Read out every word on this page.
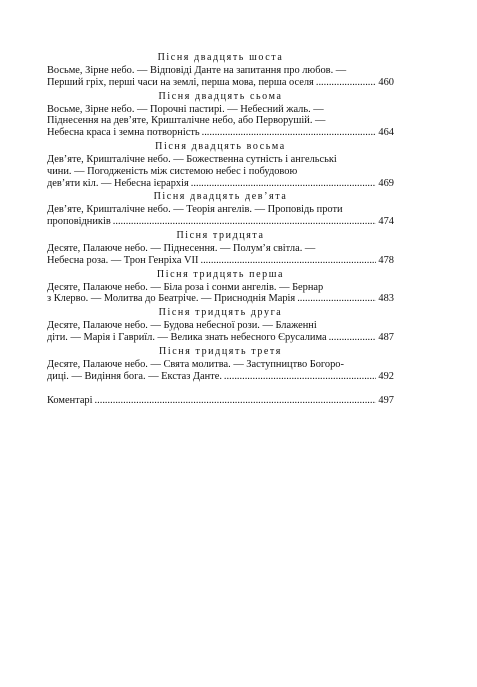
Пісня двадцять шоста
Восьме, Зірне небо. — Відповіді Данте на запитання про любов. —
Перший гріх, перші часи на землі, перша мова, перша оселя .....	460
Пісня двадцять сьома
Восьме, Зірне небо. — Порочні пастирі. — Небесний жаль. —
Піднесення на дев’яте, Кришталічне небо, або Перворушій. —
Небесна краса і земна потворність .....	464
Пісня двадцять восьма
Дев’яте, Кришталічне небо. — Божественна сутність і ангельські
чини. — Погодженість між системою небес і побудовою
дев’яти кіл. — Небесна ієрархія .....	469
Пісня двадцять дев’ята
Дев’яте, Кришталічне небо. — Теорія ангелів. — Проповідь проти
проповідників .....	474
Пісня тридцята
Десяте, Палаюче небо. — Піднесення. — Полум’я світла. —
Небесна роза. — Трон Генріха VII .....	478
Пісня тридцять перша
Десяте, Палаюче небо. — Біла роза і сонми ангелів. — Бернар
з Клерво. — Молитва до Беатріче. — Присноднія Марія .....	483
Пісня тридцять друга
Десяте, Палаюче небо. — Будова небесної рози. — Блаженні
діти. — Марія і Гавриїл. — Велика знать небесного Єрусалима .....	487
Пісня тридцять третя
Десяте, Палаюче небо. — Свята молитва. — Заступництво Богоро-
диці. — Видіння бога. — Екстаз Данте. .....	492
Коментарі .....	497
